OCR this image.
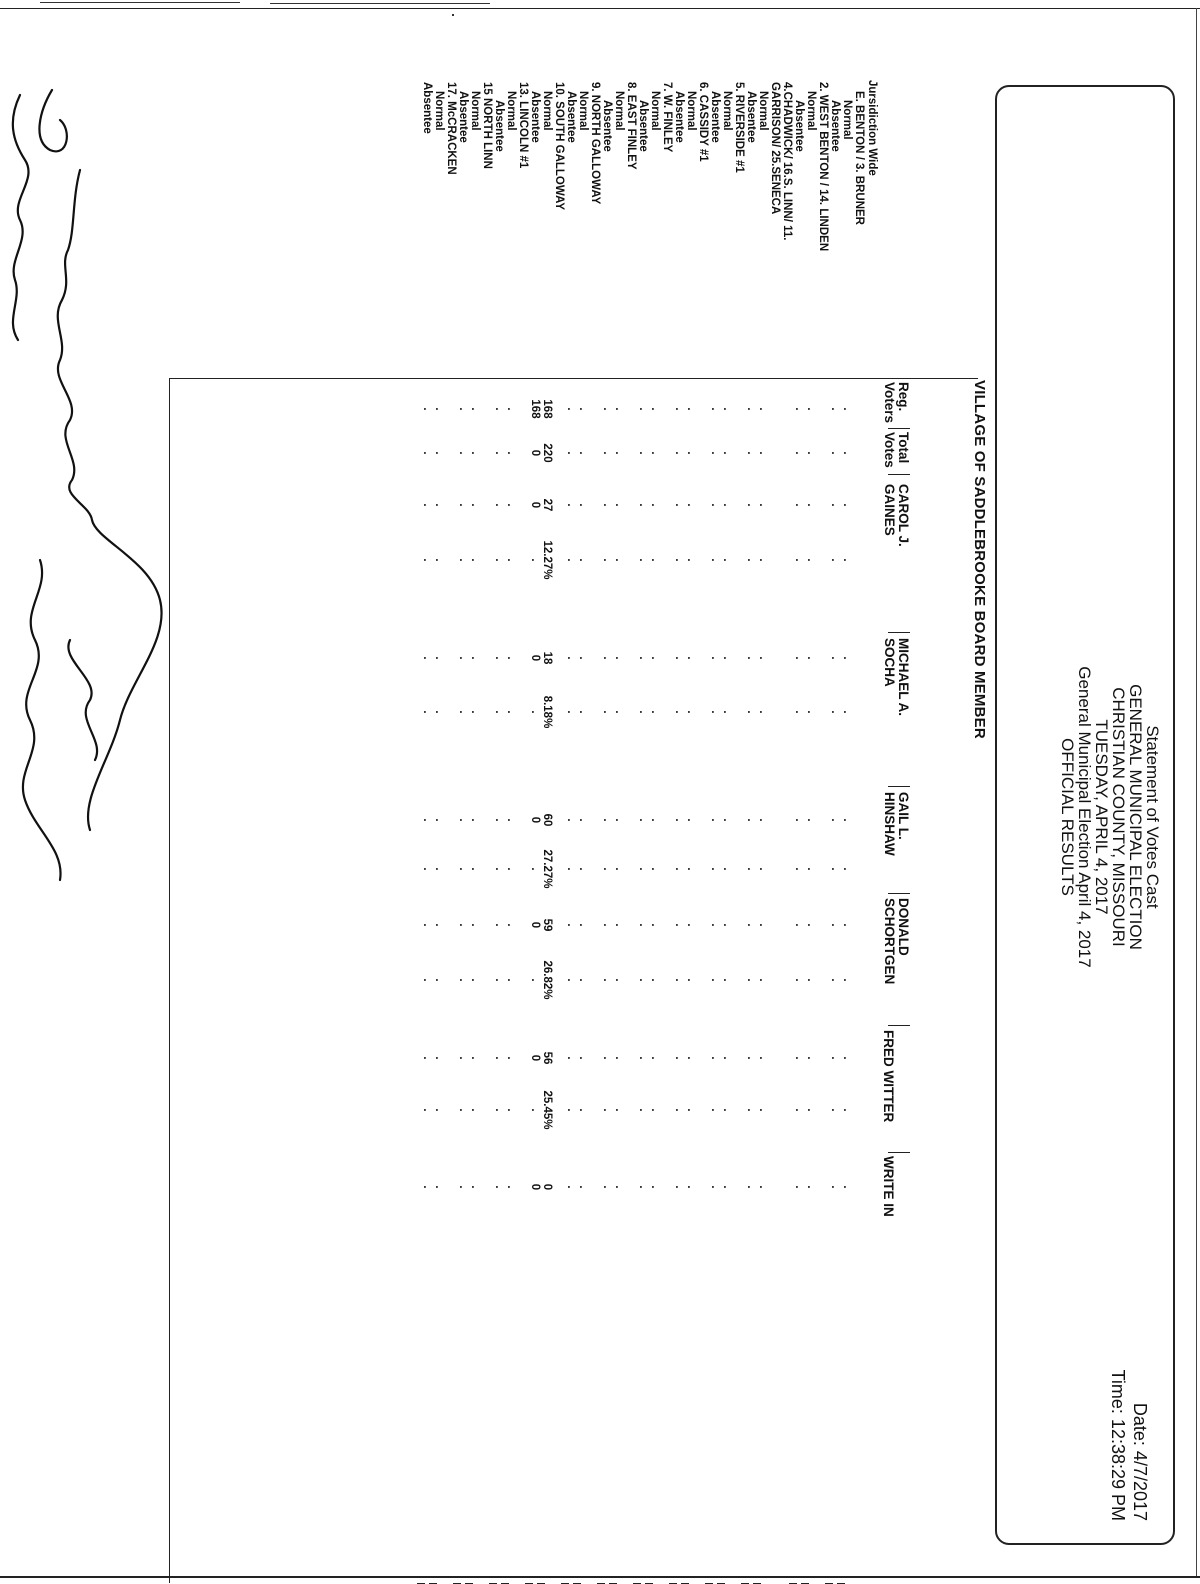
Statement of Votes Cast
GENERAL MUNICIPAL ELECTION
CHRISTIAN COUNTY, MISSOURI
TUESDAY, APRIL 4, 2017
General Municipal Election April 4, 2017
OFFICIAL RESULTS
Date: 4/7/2017
Time: 12:38:29 PM
VILLAGE OF SADDLEBROOKE BOARD MEMBER
Jursidiction Wide
Reg.
Voters
Total
Votes
CAROL J.
GAINES
MICHAEL A.
SOCHA
GAIL L.
HINSHAW
DONALD
SCHORTGEN
FRED WITTER
WRITE IN
E. BENTON / 3. BRUNER
Normal
.
.
.
.
.
.
.
.
.
.
.
.
.
Absentee
.
.
.
.
.
.
.
.
.
.
.
.
.
2. WEST BENTON / 14. LINDEN
Normal
.
.
.
.
.
.
.
.
.
.
.
.
.
Absentee
.
.
.
.
.
.
.
.
.
.
.
.
.
4.CHADWICK/ 16.S. LINN/ 11.
GARRISON/ 25.SENECA
Normal
.
.
.
.
.
.
.
.
.
.
.
.
.
Absentee
.
.
.
.
.
.
.
.
.
.
.
.
.
5. RIVERSIDE #1
Normal
.
.
.
.
.
.
.
.
.
.
.
.
.
Absentee
.
.
.
.
.
.
.
.
.
.
.
.
.
6. CASSIDY #1
Normal
.
.
.
.
.
.
.
.
.
.
.
.
.
Absentee
.
.
.
.
.
.
.
.
.
.
.
.
.
7. W. FINLEY
Normal
.
.
.
.
.
.
.
.
.
.
.
.
.
Absentee
.
.
.
.
.
.
.
.
.
.
.
.
.
8. EAST FINLEY
Normal
.
.
.
.
.
.
.
.
.
.
.
.
.
Absentee
.
.
.
.
.
.
.
.
.
.
.
.
.
9. NORTH GALLOWAY
Normal
.
.
.
.
.
.
.
.
.
.
.
.
.
Absentee
.
.
.
.
.
.
.
.
.
.
.
.
.
10. SOUTH GALLOWAY
Normal
168
220
27
12.27%
18
8.18%
60
27.27%
59
26.82%
56
25.45%
0
Absentee
168
0
0
.
0
.
0
.
0
.
0
.
0
13. LINCOLN #1
Normal
.
.
.
.
.
.
.
.
.
.
.
.
.
Absentee
.
.
.
.
.
.
.
.
.
.
.
.
.
15 NORTH LINN
Normal
.
.
.
.
.
.
.
.
.
.
.
.
.
Absentee
.
.
.
.
.
.
.
.
.
.
.
.
.
17. McCRACKEN
Normal
.
.
.
.
.
.
.
.
.
.
.
.
.
Absentee
.
.
.
.
.
.
.
.
.
.
.
.
.
